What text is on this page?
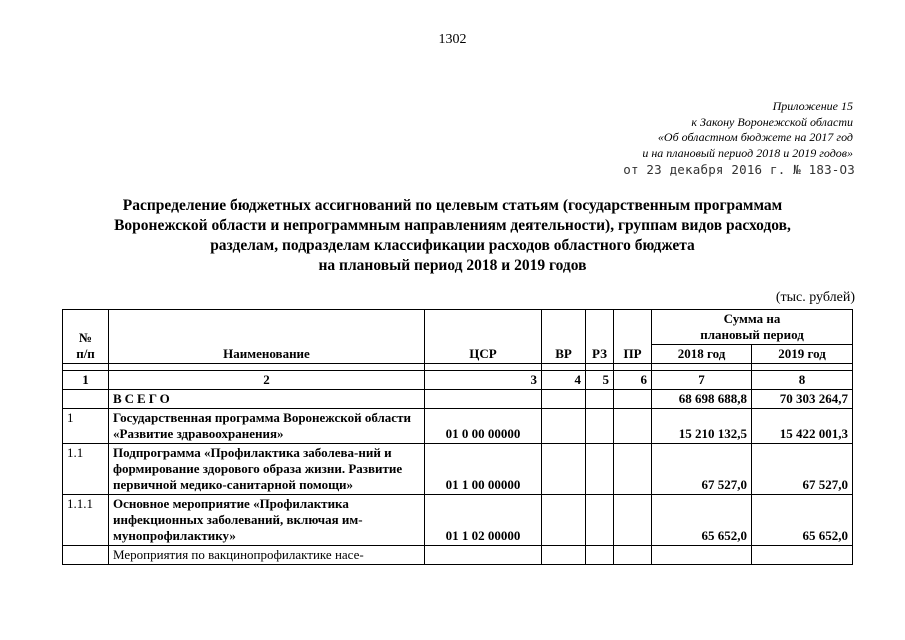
1302
Приложение 15
к Закону Воронежской области
«Об областном бюджете на 2017 год
и на плановый период 2018 и 2019 годов»
от 23 декабря 2016 г. № 183-ОЗ
Распределение бюджетных ассигнований по целевым статьям (государственным программам
Воронежской области и непрограммным направлениям деятельности), группам видов расходов,
разделам, подразделам классификации расходов областного бюджета
на плановый период 2018 и 2019 годов
(тыс. рублей)
№
п/п	Наименование	ЦСР	ВР	РЗ	ПР	Сумма на
плановый период	
						2018 год	2019 год

1	2	3	4	5	6	7	8
	ВСЕГО					68 698 688,8	70 303 264,7
1	Государственная программа Воронежской области «Развитие здравоохранения»	01 0 00 00000				15 210 132,5	15 422 001,3
1.1	Подпрограмма «Профилактика заболева-ний и формирование здорового образа жизни. Развитие первичной медико-санитарной помощи»	01 1 00 00000				67 527,0	67 527,0
1.1.1	Основное мероприятие «Профилактика инфекционных заболеваний, включая им-мунопрофилактику»	01 1 02 00000				65 652,0	65 652,0
	Мероприятия по вакцинопрофилактике насе-						
